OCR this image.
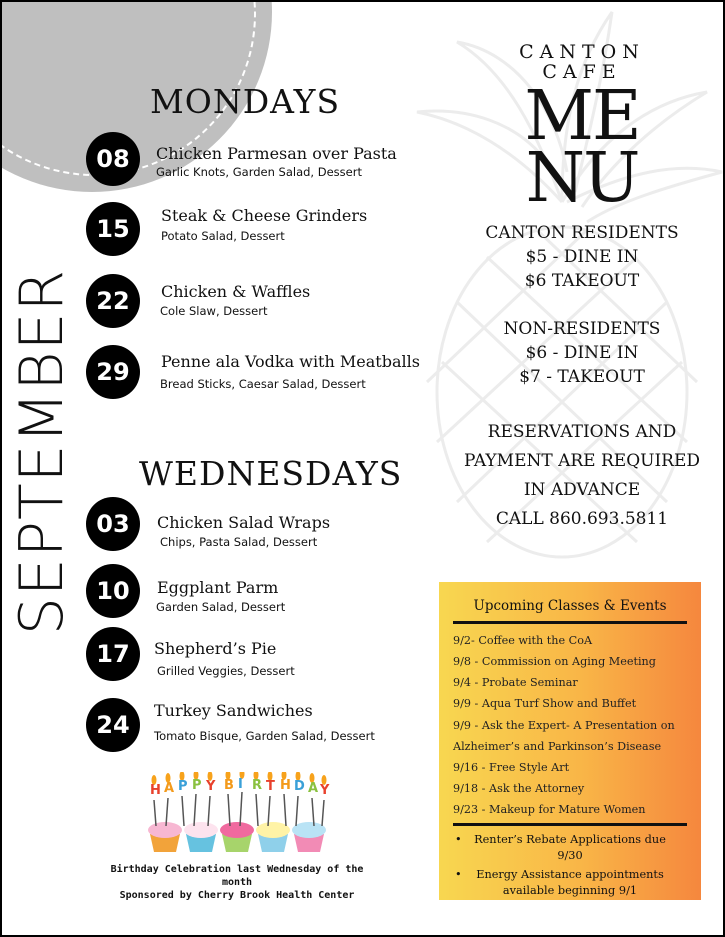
SEPTEMBER
MONDAYS
08	Chicken Parmesan over Pasta
Garlic Knots, Garden Salad, Dessert
15	Steak & Cheese Grinders
Potato Salad, Dessert
22	Chicken & Waffles
Cole Slaw, Dessert
29	Penne ala Vodka with Meatballs
Bread Sticks, Caesar Salad, Dessert
WEDNESDAYS
03	Chicken Salad Wraps
Chips, Pasta Salad, Dessert
10	Eggplant Parm
Garden Salad, Dessert
17	Shepherd’s Pie
Grilled Veggies, Dessert
24
Turkey Sandwiches
Tomato Bisque, Garden Salad, Dessert
CANTON
CAFE
ME
NU
CANTON RESIDENTS
$5 - DINE IN
$6 TAKEOUT
NON-RESIDENTS
$6 - DINE IN
$7 - TAKEOUT
RESERVATIONS AND
PAYMENT ARE REQUIRED
IN ADVANCE
CALL 860.693.5811
Upcoming Classes & Events
9/2- Coffee with the CoA
9/8 - Commission on Aging Meeting
9/4 - Probate Seminar
9/9 - Aqua Turf Show and Buffet
9/9 - Ask the Expert- A Presentation on
Alzheimer’s and Parkinson’s Disease
9/16 - Free Style Art
9/18 - Ask the Attorney
9/23 - Makeup for Mature Women
•	Renter’s Rebate Applications due
9/30
•	Energy Assistance appointments
available beginning 9/1
H A P P Y B I R T H D A Y
Birthday Celebration last Wednesday of the month
Sponsored by Cherry Brook Health Center
